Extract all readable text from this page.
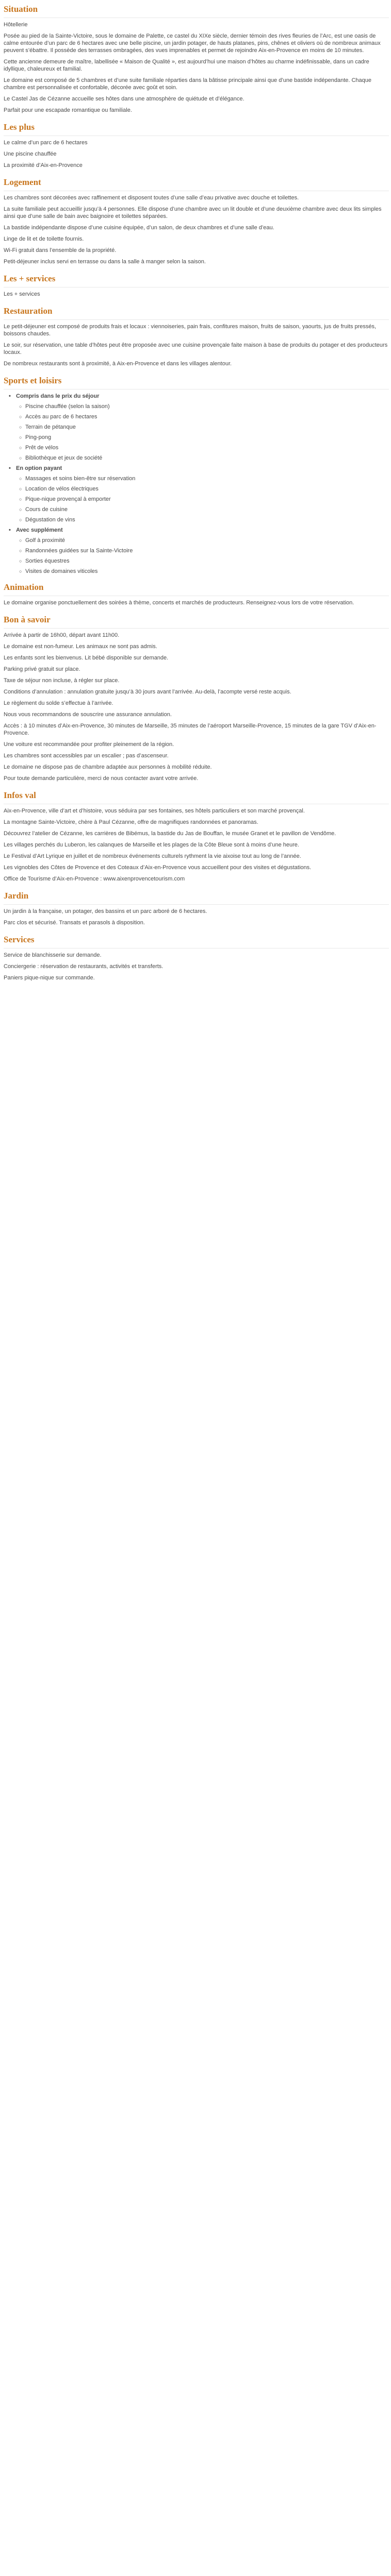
Situation

Hôtellerie

Posée au pied de la Sainte-Victoire, sous le domaine de Palette, ce castel du XIXe siècle, dernier témoin des rives fleuries de l’Arc, est une oasis de calme entourée d’un parc de 6 hectares avec une belle piscine, un jardin potager, de hauts platanes, pins, chênes et oliviers où de nombreux animaux peuvent s’ébattre. Il possède des terrasses ombragées, des vues imprenables et permet de rejoindre Aix-en-Provence en moins de 10 minutes.

Cette ancienne demeure de maître, labellisée « Maison de Qualité », est aujourd’hui une maison d’hôtes au charme indéfinissable, dans un cadre idyllique, chaleureux et familial.

Le domaine est composé de 5 chambres et d’une suite familiale réparties dans la bâtisse principale ainsi que d’une bastide indépendante. Chaque chambre est personnalisée et confortable, décorée avec goût et soin.

Le Castel Jas de Cézanne accueille ses hôtes dans une atmosphère de quiétude et d’élégance.

Parfait pour une escapade romantique ou familiale.

Les plus

Le calme d’un parc de 6 hectares

Une piscine chauffée

La proximité d’Aix-en-Provence

Logement

Les chambres sont décorées avec raffinement et disposent toutes d’une salle d’eau privative avec douche et toilettes.

La suite familiale peut accueillir jusqu’à 4 personnes. Elle dispose d’une chambre avec un lit double et d’une deuxième chambre avec deux lits simples ainsi que d’une salle de bain avec baignoire et toilettes séparées.

La bastide indépendante dispose d’une cuisine équipée, d’un salon, de deux chambres et d’une salle d’eau.

Linge de lit et de toilette fournis.

Wi-Fi gratuit dans l’ensemble de la propriété.

Petit-déjeuner inclus servi en terrasse ou dans la salle à manger selon la saison.

Les + services

Les + services

Restauration

Le petit-déjeuner est composé de produits frais et locaux : viennoiseries, pain frais, confitures maison, fruits de saison, yaourts, jus de fruits pressés, boissons chaudes.

Le soir, sur réservation, une table d’hôtes peut être proposée avec une cuisine provençale faite maison à base de produits du potager et des producteurs locaux.

De nombreux restaurants sont à proximité, à Aix-en-Provence et dans les villages alentour.

Sports et loisirs
• Compris dans le prix du séjour
○ Piscine chauffée (selon la saison)
○ Accès au parc de 6 hectares
○ Terrain de pétanque
○ Ping-pong
○ Prêt de vélos
○ Bibliothèque et jeux de société
• En option payant
○ Massages et soins bien-être sur réservation
○ Location de vélos électriques
○ Pique-nique provençal à emporter
○ Cours de cuisine
○ Dégustation de vins
• Avec supplément
○ Golf à proximité
○ Randonnées guidées sur la Sainte-Victoire
○ Sorties équestres
○ Visites de domaines viticoles
Animation

Le domaine organise ponctuellement des soirées à thème, concerts et marchés de producteurs. Renseignez-vous lors de votre réservation.

Bon à savoir

Arrivée à partir de 16h00, départ avant 11h00.

Le domaine est non-fumeur. Les animaux ne sont pas admis.

Les enfants sont les bienvenus. Lit bébé disponible sur demande.

Parking privé gratuit sur place.

Taxe de séjour non incluse, à régler sur place.

Conditions d’annulation : annulation gratuite jusqu’à 30 jours avant l’arrivée. Au-delà, l’acompte versé reste acquis.

Le règlement du solde s’effectue à l’arrivée.

Nous vous recommandons de souscrire une assurance annulation.

Accès : à 10 minutes d’Aix-en-Provence, 30 minutes de Marseille, 35 minutes de l’aéroport Marseille-Provence, 15 minutes de la gare TGV d’Aix-en-Provence.

Une voiture est recommandée pour profiter pleinement de la région.

Les chambres sont accessibles par un escalier ; pas d’ascenseur.

Le domaine ne dispose pas de chambre adaptée aux personnes à mobilité réduite.

Pour toute demande particulière, merci de nous contacter avant votre arrivée.

Infos val

Aix-en-Provence, ville d’art et d’histoire, vous séduira par ses fontaines, ses hôtels particuliers et son marché provençal.

La montagne Sainte-Victoire, chère à Paul Cézanne, offre de magnifiques randonnées et panoramas.

Découvrez l’atelier de Cézanne, les carrières de Bibémus, la bastide du Jas de Bouffan, le musée Granet et le pavillon de Vendôme.

Les villages perchés du Luberon, les calanques de Marseille et les plages de la Côte Bleue sont à moins d’une heure.

Le Festival d’Art Lyrique en juillet et de nombreux événements culturels rythment la vie aixoise tout au long de l’année.

Les vignobles des Côtes de Provence et des Coteaux d’Aix-en-Provence vous accueillent pour des visites et dégustations.

Office de Tourisme d’Aix-en-Provence : www.aixenprovencetourism.com

Jardin

Un jardin à la française, un potager, des bassins et un parc arboré de 6 hectares.

Parc clos et sécurisé. Transats et parasols à disposition.

Services

Service de blanchisserie sur demande.

Conciergerie : réservation de restaurants, activités et transferts.

Paniers pique-nique sur commande.
